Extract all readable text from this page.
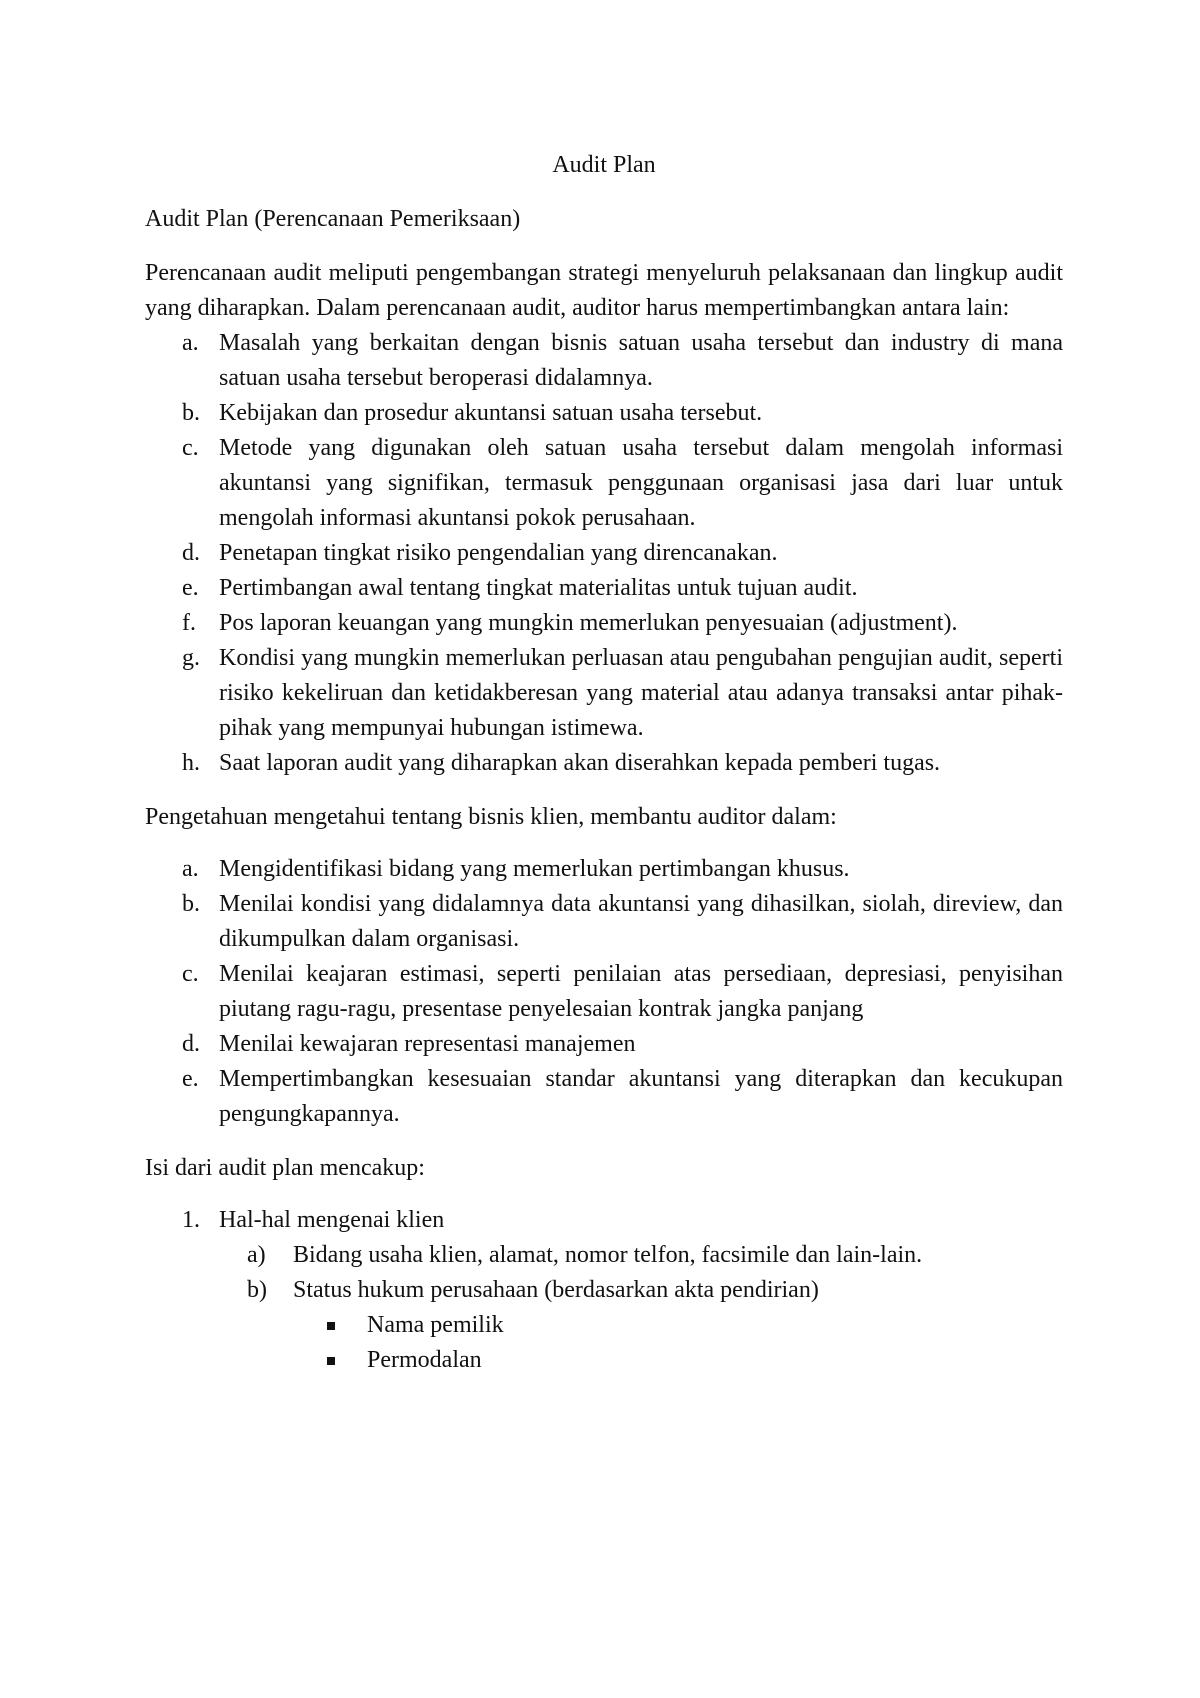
Audit Plan

Audit Plan (Perencanaan Pemeriksaan)

Perencanaan audit meliputi pengembangan strategi menyeluruh pelaksanaan dan lingkup audit yang diharapkan. Dalam perencanaan audit, auditor harus mempertimbangkan antara lain:

a. Masalah yang berkaitan dengan bisnis satuan usaha tersebut dan industry di mana satuan usaha tersebut beroperasi didalamnya.
b. Kebijakan dan prosedur akuntansi satuan usaha tersebut.
c. Metode yang digunakan oleh satuan usaha tersebut dalam mengolah informasi akuntansi yang signifikan, termasuk penggunaan organisasi jasa dari luar untuk mengolah informasi akuntansi pokok perusahaan.
d. Penetapan tingkat risiko pengendalian yang direncanakan.
e. Pertimbangan awal tentang tingkat materialitas untuk tujuan audit.
f. Pos laporan keuangan yang mungkin memerlukan penyesuaian (adjustment).
g. Kondisi yang mungkin memerlukan perluasan atau pengubahan pengujian audit, seperti risiko kekeliruan dan ketidakberesan yang material atau adanya transaksi antar pihak-pihak yang mempunyai hubungan istimewa.
h. Saat laporan audit yang diharapkan akan diserahkan kepada pemberi tugas.

Pengetahuan mengetahui tentang bisnis klien, membantu auditor dalam:

a. Mengidentifikasi bidang yang memerlukan pertimbangan khusus.
b. Menilai kondisi yang didalamnya data akuntansi yang dihasilkan, siolah, direview, dan dikumpulkan dalam organisasi.
c. Menilai keajaran estimasi, seperti penilaian atas persediaan, depresiasi, penyisihan piutang ragu-ragu, presentase penyelesaian kontrak jangka panjang
d. Menilai kewajaran representasi manajemen
e. Mempertimbangkan kesesuaian standar akuntansi yang diterapkan dan kecukupan pengungkapannya.

Isi dari audit plan mencakup:

1. Hal-hal mengenai klien
a) Bidang usaha klien, alamat, nomor telfon, facsimile dan lain-lain.
b) Status hukum perusahaan (berdasarkan akta pendirian)
Nama pemilik
Permodalan
